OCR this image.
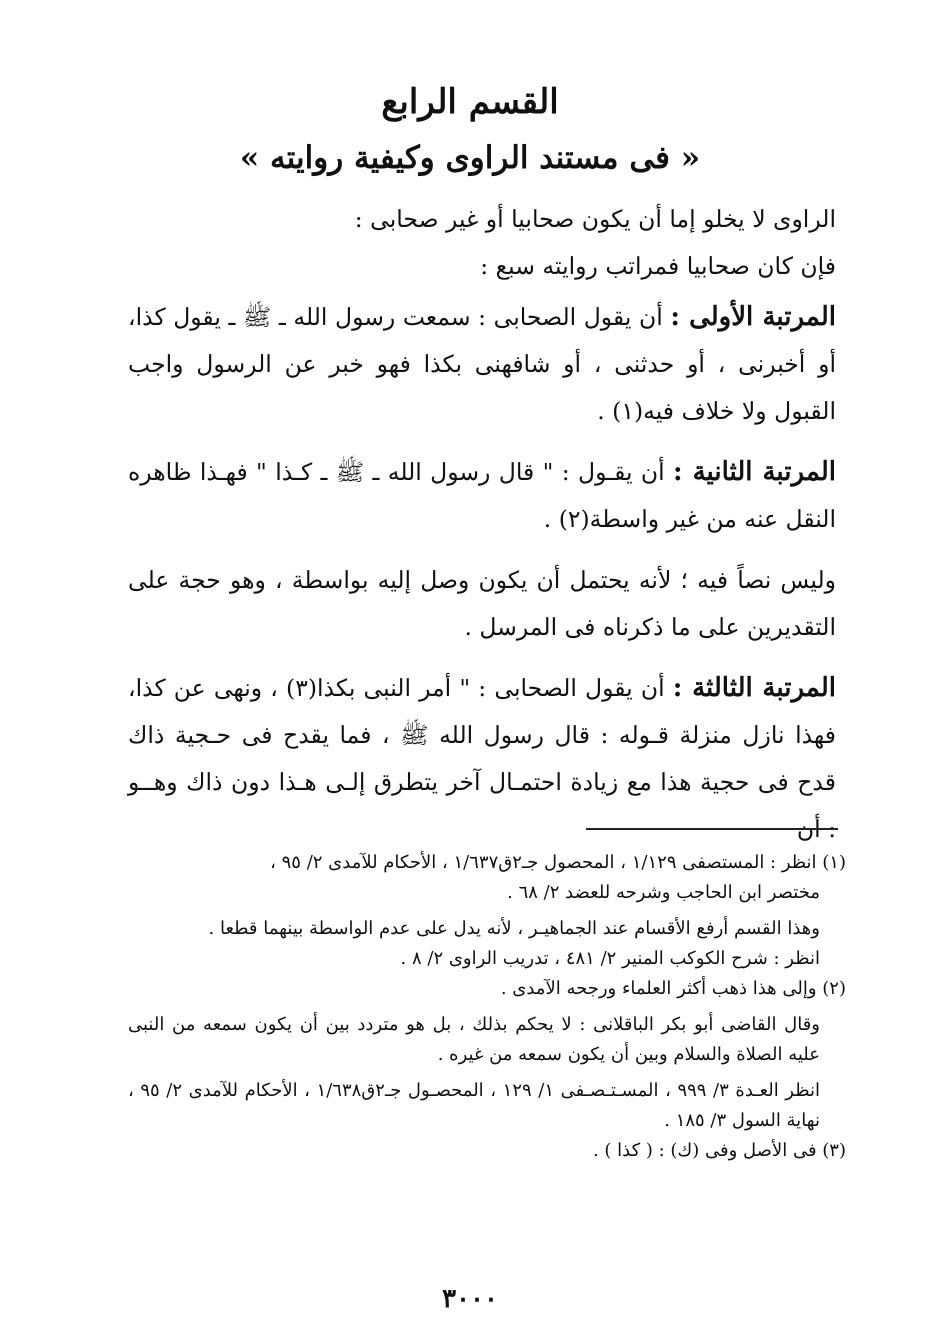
القسم الرابع
« فى مستند الراوى وكيفية روايته »

الراوى لا يخلو إما أن يكون صحابيا أو غير صحابى :

فإن كان صحابيا فمراتب روايته سبع :

المرتبة الأولى : أن يقول الصحابى : سمعت رسول الله ـ ﷺ ـ يقول كذا، أو أخبرنى ، أو حدثنى ، أو شافهنى بكذا فهو خبر عن الرسول واجب القبول ولا خلاف فيه(١) .

المرتبة الثانية : أن يقـول : " قال رسول الله ـ ﷺ ـ كـذا " فهـذا ظاهره النقل عنه من غير واسطة(٢) .

وليس نصاً فيه ؛ لأنه يحتمل أن يكون وصل إليه بواسطة ، وهو حجة على التقديرين على ما ذكرناه فى المرسل .

المرتبة الثالثة : أن يقول الصحابى : " أمر النبى بكذا(٣) ، ونهى عن كذا، فهذا نازل منزلة قـوله : قال رسول الله ﷺ ، فما يقدح فى حـجية ذاك قدح فى حجية هذا مع زيادة احتمـال آخر يتطرق إلـى هـذا دون ذاك وهــو : أن

(١) انظر : المستصفى ١/١٢٩ ، المحصول جـ٢ق١/٦٣٧ ، الأحكام للآمدى ٢/ ٩٥ ،

مختصر ابن الحاجب وشرحه للعضد ٢/ ٦٨ .

وهذا القسم أرفع الأقسام عند الجماهيـر ، لأنه يدل على عدم الواسطة بينهما قطعا .

انظر : شرح الكوكب المنير ٢/ ٤٨١ ، تدريب الراوى ٢/ ٨ .

(٢) وإلى هذا ذهب أكثر العلماء ورجحه الآمدى .

وقال القاضى أبو بكر الباقلانى : لا يحكم بذلك ، بل هو متردد بين أن يكون سمعه من النبى عليه الصلاة والسلام وبين أن يكون سمعه من غيره .

انظر العـدة ٣/ ٩٩٩ ، المسـتـصـفى ١/ ١٢٩ ، المحصـول جـ٢ق١/٦٣٨ ، الأحكام للآمدى ٢/ ٩٥ ، نهاية السول ٣/ ١٨٥ .

(٣) فى الأصل وفى (ك) : ( كذا ) .

٣٠٠٠
